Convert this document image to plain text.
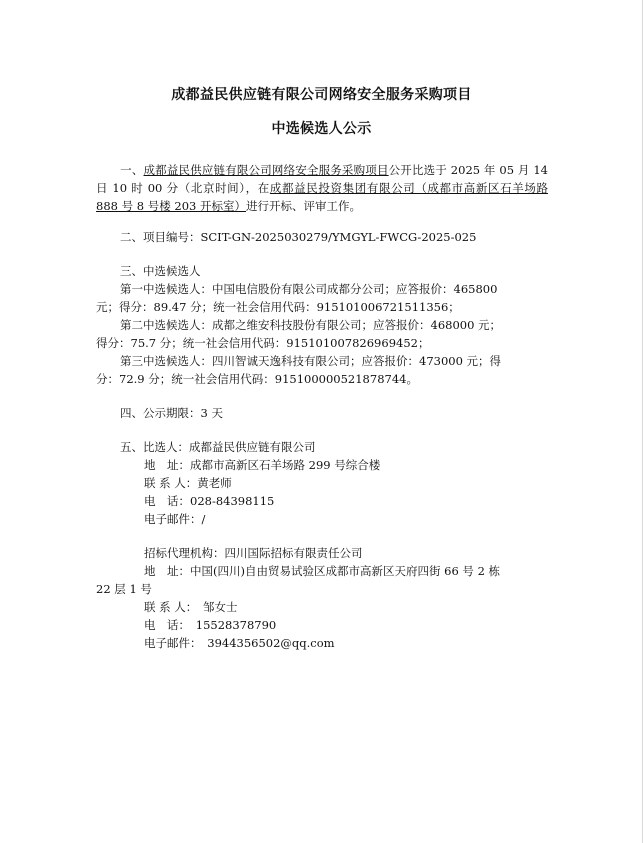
成都益民供应链有限公司网络安全服务采购项目
中选候选人公示
一、成都益民供应链有限公司网络安全服务采购项目公开比选于 2025 年 05 月 14 日 10 时 00 分（北京时间），在成都益民投资集团有限公司（成都市高新区石羊场路 888 号 8 号楼 203 开标室）进行开标、评审工作。
二、项目编号：SCIT-GN-2025030279/YMGYL-FWCG-2025-025
三、中选候选人
第一中选候选人：中国电信股份有限公司成都分公司；应答报价：465800
元；得分：89.47 分；统一社会信用代码：915101006721511356；
第二中选候选人：成都之维安科技股份有限公司；应答报价：468000 元；
得分：75.7 分；统一社会信用代码：915101007826969452；
第三中选候选人：四川智诚天逸科技有限公司；应答报价：473000 元；得
分：72.9 分；统一社会信用代码：915100000521878744。
四、公示期限：3 天
五、比选人：成都益民供应链有限公司
地　址：成都市高新区石羊场路 299 号综合楼
联 系 人：黄老师
电　话：028-84398115
电子邮件：/
招标代理机构：四川国际招标有限责任公司
地　址：中国(四川)自由贸易试验区成都市高新区天府四街 66 号 2 栋
22 层 1 号
联 系 人：　邹女士
电　话：　15528378790
电子邮件：　3944356502@qq.com
